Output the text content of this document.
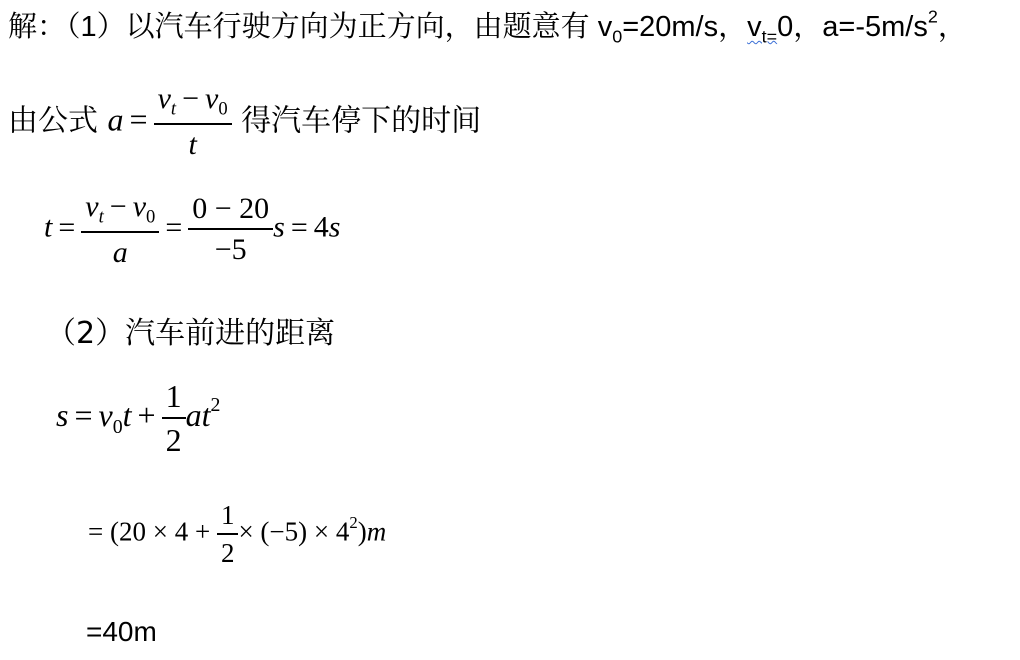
解：（1）以汽车行驶方向为正方向，由题意有 $v_0=20m/s$，$v_{t=}0$，$a=-5m/s^2$，
由公式 $a = \frac{v_t - v_0}{t}$ 得汽车停下的时间
$t = \frac{v_t - v_0}{a} = \frac{0 - 20}{-5}$ s = 4s
（2）汽车前进的距离
$s = v_0t + \frac{1}{2} at^2$
= $(20 \times 4 + \frac{1}{2} \times (-5) \times 4^2)m$
=40m
